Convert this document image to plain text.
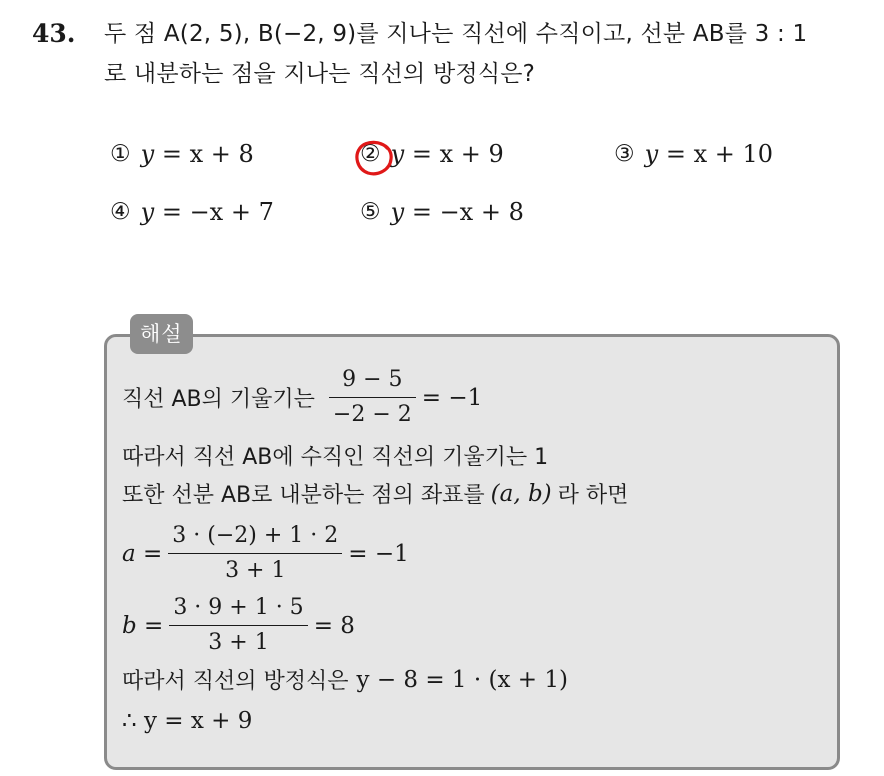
43. 두 점 A(2, 5), B(−2, 9)를 지나는 직선에 수직이고, 선분 AB를 3 : 1
로 내분하는 점을 지나는 직선의 방정식은?
① y = x + 8	② y = x + 9	③ y = x + 10
④ y = −x + 7	⑤ y = −x + 8
해설
직선 AB의 기울기는 $\frac{9 - 5}{-2 - 2} = -1$
따라서 직선 AB에 수직인 직선의 기울기는 1
또한 선분 AB로 내분하는 점의 좌표를 (a, b) 라 하면
$a = \frac{3 \cdot (-2) + 1 \cdot 2}{3 + 1} = -1$
$b = \frac{3 \cdot 9 + 1 \cdot 5}{3 + 1} = 8$
따라서 직선의 방정식은 y − 8 = 1 · (x + 1)
∴ y = x + 9
